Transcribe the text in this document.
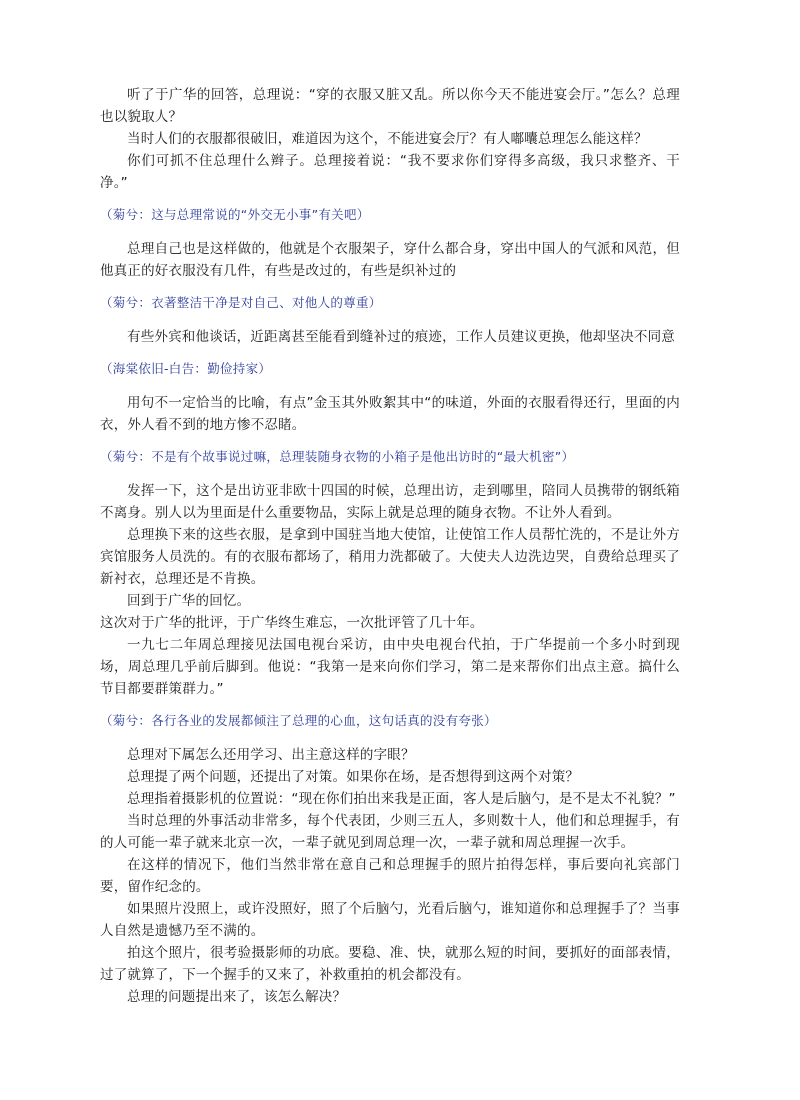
听了于广华的回答，总理说：“穿的衣服又脏又乱。所以你今天不能进宴会厅。”怎么？总理也以貌取人？

当时人们的衣服都很破旧，难道因为这个，不能进宴会厅？有人嘟囔总理怎么能这样？

你们可抓不住总理什么辫子。总理接着说：“我不要求你们穿得多高级，我只求整齐、干净。”

（菊兮：这与总理常说的“外交无小事”有关吧）

总理自己也是这样做的，他就是个衣服架子，穿什么都合身，穿出中国人的气派和风范，但他真正的好衣服没有几件，有些是改过的，有些是织补过的

（菊兮：衣著整洁干净是对自己、对他人的尊重）

有些外宾和他谈话，近距离甚至能看到缝补过的痕迹，工作人员建议更换，他却坚决不同意

（海棠依旧-白告：勤俭持家）

用句不一定恰当的比喻，有点”金玉其外败絮其中“的味道，外面的衣服看得还行，里面的内衣，外人看不到的地方惨不忍睹。

（菊兮：不是有个故事说过嘛，总理装随身衣物的小箱子是他出访时的“最大机密”）

发挥一下，这个是出访亚非欧十四国的时候，总理出访，走到哪里，陪同人员携带的钢纸箱不离身。别人以为里面是什么重要物品，实际上就是总理的随身衣物。不让外人看到。

总理换下来的这些衣服，是拿到中国驻当地大使馆，让使馆工作人员帮忙洗的，不是让外方宾馆服务人员洗的。有的衣服布都场了，稍用力洗都破了。大使夫人边洗边哭，自费给总理买了新衬衣，总理还是不肯换。

回到于广华的回忆。

这次对于广华的批评，于广华终生难忘，一次批评管了几十年。

一九七二年周总理接见法国电视台采访，由中央电视台代拍，于广华提前一个多小时到现场，周总理几乎前后脚到。他说：“我第一是来向你们学习，第二是来帮你们出点主意。搞什么节目都要群策群力。”

（菊兮：各行各业的发展都倾注了总理的心血，这句话真的没有夸张）

总理对下属怎么还用学习、出主意这样的字眼？

总理提了两个问题，还提出了对策。如果你在场，是否想得到这两个对策？

总理指着摄影机的位置说：“现在你们拍出来我是正面，客人是后脑勺，是不是太不礼貌？”

当时总理的外事活动非常多，每个代表团，少则三五人，多则数十人，他们和总理握手，有的人可能一辈子就来北京一次，一辈子就见到周总理一次，一辈子就和周总理握一次手。

在这样的情况下，他们当然非常在意自己和总理握手的照片拍得怎样，事后要向礼宾部门要，留作纪念的。

如果照片没照上，或许没照好，照了个后脑勺，光看后脑勺，谁知道你和总理握手了？当事人自然是遗憾乃至不满的。

拍这个照片，很考验摄影师的功底。要稳、准、快，就那么短的时间，要抓好的面部表情，过了就算了，下一个握手的又来了，补救重拍的机会都没有。

总理的问题提出来了，该怎么解决？
